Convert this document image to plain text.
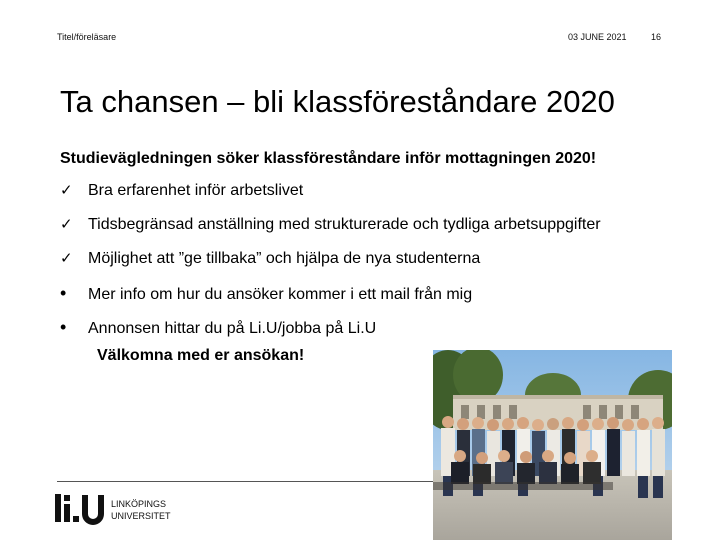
Titel/föreläsare	03 JUNE 2021	16
Ta chansen – bli klassföreståndare 2020
Studievägledningen söker klassföreståndare inför mottagningen 2020!
✓ Bra erfarenhet inför arbetslivet
✓ Tidsbegränsad anställning med strukturerade och tydliga arbetsuppgifter
✓ Möjlighet att ”ge tillbaka” och hjälpa de nya studenterna
• Mer info om hur du ansöker kommer i ett mail från mig
• Annonsen hittar du på Li.U/jobba på Li.U
Välkomna med er ansökan!
LINKÖPINGS
UNIVERSITET
